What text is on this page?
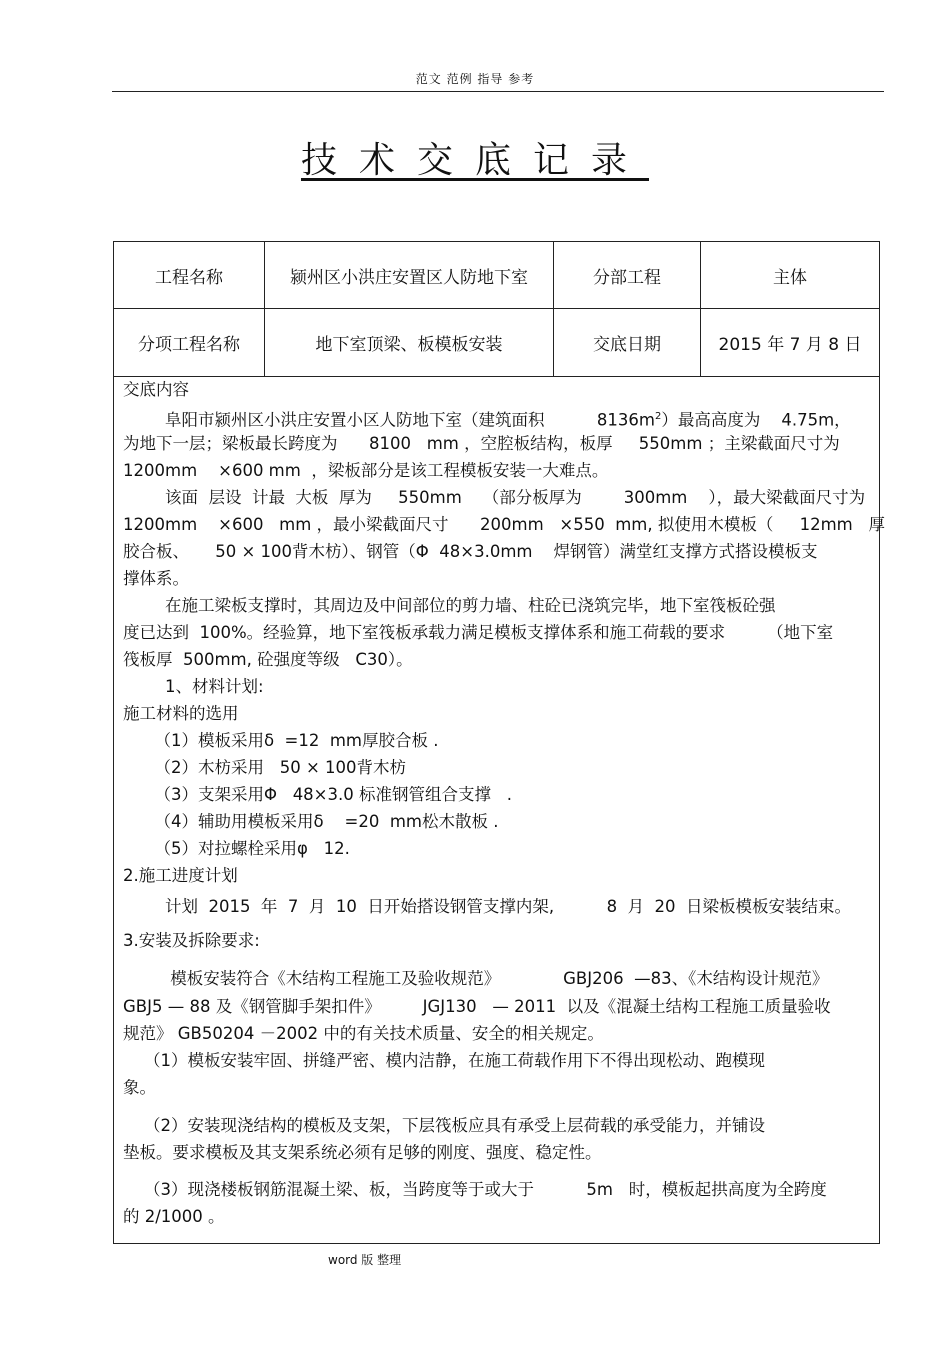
范文 范例 指导 参考
技术交底记录
工程名称	颍州区小洪庄安置区人防地下室	分部工程	主体
分项工程名称	地下室顶梁、板模板安装	交底日期	2015 年 7 月 8 日
交底内容
阜阳市颍州区小洪庄安置小区人防地下室（建筑面积          $8136m^2$）最高高度为    4.75m，
为地下一层；梁板最长跨度为      8100   mm ，空腔板结构，板厚     550mm ；主梁截面尺寸为
1200mm    ×600 mm  ，梁板部分是该工程模板安装一大难点。
该面  层设  计最  大板  厚为     550mm    （部分板厚为        300mm    ），最大梁截面尺寸为
1200mm    ×600   mm ，最小梁截面尺寸      200mm   ×550  mm, 拟使用木模板（     12mm   厚
胶合板、     50 × 100背木枋）、钢管（Φ  48×3.0mm    焊钢管）满堂红支撑方式搭设模板支
撑体系。
在施工梁板支撑时，其周边及中间部位的剪力墙、柱砼已浇筑完毕，地下室筏板砼强
度已达到  100%。经验算，地下室筏板承载力满足模板支撑体系和施工荷载的要求        （地下室
筏板厚  500mm, 砼强度等级   C30）。
1、材料计划:
施工材料的选用
（1）模板采用δ  =12  mm厚胶合板 .
（2）木枋采用   50 × 100背木枋
（3）支架采用Φ   48×3.0 标准钢管组合支撑   .
（4）辅助用模板采用δ    =20  mm松木散板 .
（5）对拉螺栓采用φ   12.
2.施工进度计划
计划  2015  年  7  月  10  日开始搭设钢管支撑内架,          8  月  20  日梁板模板安装结束。
3.安装及拆除要求:
模板安装符合《木结构工程施工及验收规范》            GBJ206  —83、《木结构设计规范》
GBJ5 — 88 及《钢管脚手架扣件》        JGJ130   — 2011  以及《混凝土结构工程施工质量验收
规范》 GB50204 －2002 中的有关技术质量、安全的相关规定。
（1）模板安装牢固、拼缝严密、模内洁静，在施工荷载作用下不得出现松动、跑模现
象。
（2）安装现浇结构的模板及支架，下层筏板应具有承受上层荷载的承受能力，并铺设
垫板。要求模板及其支架系统必须有足够的刚度、强度、稳定性。
（3）现浇楼板钢筋混凝土梁、板，当跨度等于或大于          5m   时，模板起拱高度为全跨度
的 2/1000 。
word 版 整理
